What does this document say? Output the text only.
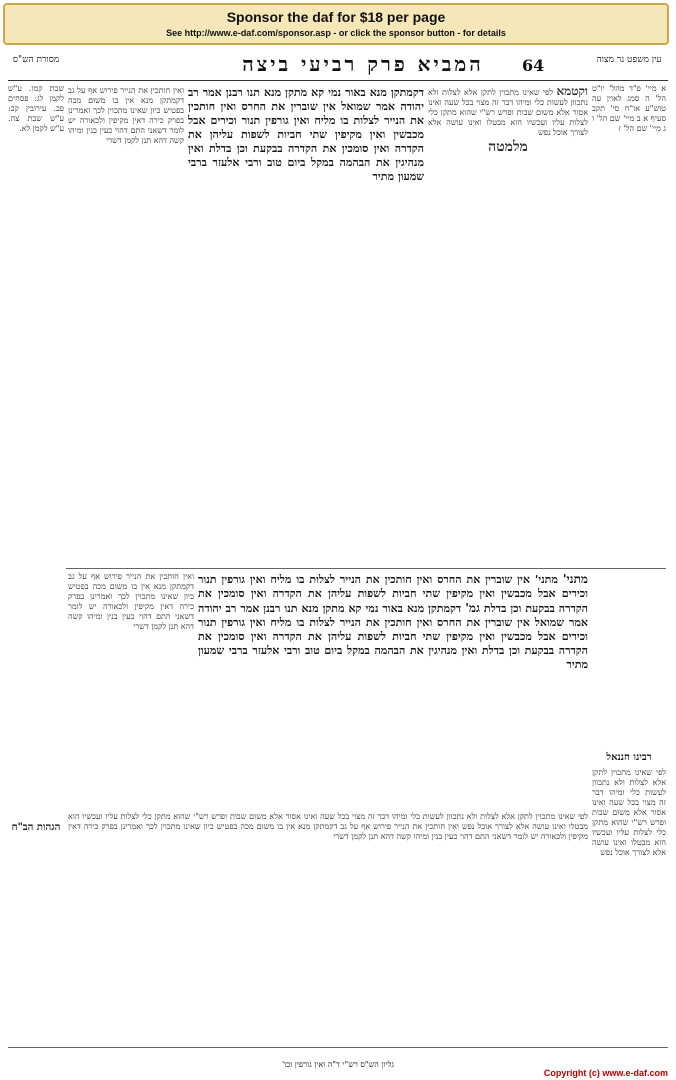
Sponsor the daf for $18 per page
See http://www.e-daf.com/sponsor.asp - or click the sponsor button - for details
מסורת הש"ס	המביא פרק רביעי ביצה	64	עין משפט נר מצוה
א מיי' פ"ד מהל' יו"ט הל' ה סמג לאוין עה טוש"ע או"ח סי' תקב סעיף א ב מיי' שם הל' ו ג מיי' שם הל' ז
וקטמא לפי שאינו מתכוין לתקן אלא לצלות ולא נתכוון לעשות כלי ומיהו דבר זה מצוי בכל שעה ואינו אסור אלא משום שבות ופרש רש"י שהוא מתקן כלי לצלות עליו ועכשיו הוא מבטלו ואינו עושה אלא לצורך אוכל נפש
מלמטה
דקמתקן מנא באור נמי קא מתקן מנא תנו רבנן אמר רב יהודה אמר שמואל אין שוברין את החרס ואין חותכין את הנייר לצלות בו מליח ואין גורפין תנור וכירים אבל מכבשין ואין מקיפין שתי חביות לשפות עליהן את הקדרה ואין סומכין את הקדרה בבקעת וכן בדלת ואין מנהיגין את הבהמה במקל ביום טוב ורבי אלעזר ברבי שמעון מתיר
ואין חותכין את הנייר פירוש אף על גב דקמתקן מנא אין בו משום מכה בפטיש כיון שאינו מתכוין לכך ואמרינן בפרק כירה דאין מקיפין ולכאורה יש לומר דשאני התם דהוי כעין בנין ומיהו קשה דהא תנן לקמן דשרי
שבת קמו. ע"ש לקמן לג: פסחים פב. עירובין קב: ע"ש שבת צה. ע"ש לקמן לא.
רבינו חננאל
לפי שאינו מתכוין לתקן אלא לצלות ולא נתכוון לעשות כלי ומיהו דבר זה מצוי בכל שעה ואינו אסור אלא משום שבות ופרש רש"י שהוא מתקן כלי לצלות עליו ועכשיו הוא מבטלו ואינו עושה אלא לצורך אוכל נפש
מתני' מתני' אין שוברין את החרס ואין חותכין את הנייר לצלות בו מליח ואין גורפין תנור וכירים אבל מכבשין ואין מקיפין שתי חביות לשפות עליהן את הקדרה ואין סומכין את הקדרה בבקעת וכן בדלת גמ' דקמתקן מנא באור נמי קא מתקן מנא תנו רבנן אמר רב יהודה אמר שמואל אין שוברין את החרס ואין חותכין את הנייר לצלות בו מליח ואין גורפין תנור וכירים אבל מכבשין ואין מקיפין שתי חביות לשפות עליהן את הקדרה ואין סומכין את הקדרה בבקעת וכן בדלת ואין מנהיגין את הבהמה במקל ביום טוב ורבי אלעזר ברבי שמעון מתיר
ואין חותכין את הנייר פירוש אף על גב דקמתקן מנא אין בו משום מכה בפטיש כיון שאינו מתכוין לכך ואמרינן בפרק כירה דאין מקיפין ולכאורה יש לומר דשאני התם דהוי כעין בנין ומיהו קשה דהא תנן לקמן דשרי
הגהות הב"ח
לפי שאינו מתכוין לתקן אלא לצלות ולא נתכוון לעשות כלי ומיהו דבר זה מצוי בכל שעה ואינו אסור אלא משום שבות ופרש רש"י שהוא מתקן כלי לצלות עליו ועכשיו הוא מבטלו ואינו עושה אלא לצורך אוכל נפש ואין חותכין את הנייר פירוש אף על גב דקמתקן מנא אין בו משום מכה בפטיש כיון שאינו מתכוין לכך ואמרינן בפרק כירה דאין מקיפין ולכאורה יש לומר דשאני התם דהוי כעין בנין ומיהו קשה דהא תנן לקמן דשרי
גליון הש"ס רש"י ד"ה ואין גורפין וכו'
Copyright (c) www.e-daf.com
